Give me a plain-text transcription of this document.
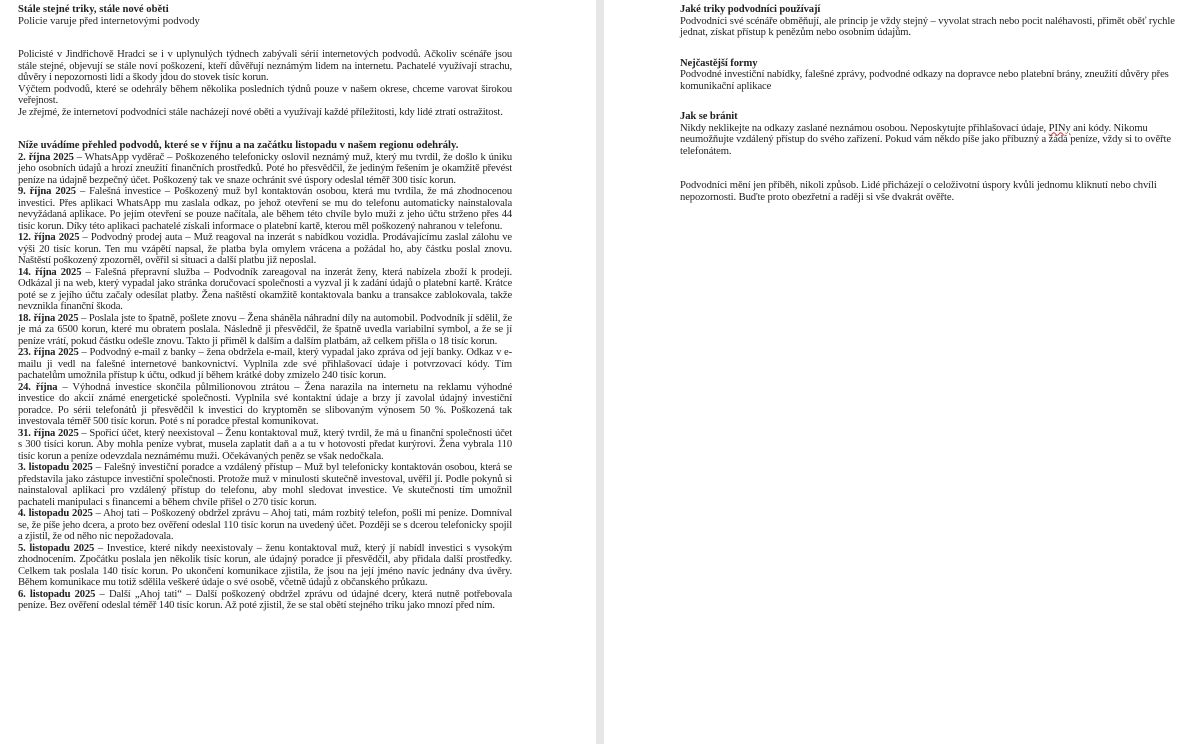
Stále stejné triky, stále nové oběti

Policie varuje před internetovými podvody

Policisté v Jindřichově Hradci se i v uplynulých týdnech zabývali sérií internetových podvodů. Ačkoliv scénáře jsou stále stejné, objevují se stále noví poškození, kteří důvěřují neznámým lidem na internetu. Pachatelé využívají strachu, důvěry i nepozornosti lidí a škody jdou do stovek tisíc korun.

Výčtem podvodů, které se odehrály během několika posledních týdnů pouze v našem okrese, chceme varovat širokou veřejnost.

Je zřejmé, že internetoví podvodníci stále nacházejí nové oběti a využívají každé příležitosti, kdy lidé ztratí ostražitost.

Níže uvádíme přehled podvodů, které se v říjnu a na začátku listopadu v našem regionu odehrály.

2. října 2025 – WhatsApp vyděrač – Poškozeného telefonicky oslovil neznámý muž, který mu tvrdil, že došlo k úniku jeho osobních údajů a hrozí zneužití finančních prostředků. Poté ho přesvědčil, že jediným řešením je okamžitě převést peníze na údajně bezpečný účet. Poškozený tak ve snaze ochránit své úspory odeslal téměř 300 tisíc korun.

9. října 2025 – Falešná investice – Poškozený muž byl kontaktován osobou, která mu tvrdila, že má zhodnocenou investici. Přes aplikaci WhatsApp mu zaslala odkaz, po jehož otevření se mu do telefonu automaticky nainstalovala nevyžádaná aplikace. Po jejím otevření se pouze načítala, ale během této chvíle bylo muži z jeho účtu strženo přes 44 tisíc korun. Díky této aplikaci pachatelé získali informace o platební kartě, kterou měl poškozený nahranou v telefonu.

12. října 2025 – Podvodný prodej auta – Muž reagoval na inzerát s nabídkou vozidla. Prodávajícímu zaslal zálohu ve výši 20 tisíc korun. Ten mu vzápětí napsal, že platba byla omylem vrácena a požádal ho, aby částku poslal znovu. Naštěstí poškozený zpozorněl, ověřil si situaci a další platbu již neposlal.

14. října 2025 – Falešná přepravní služba – Podvodník zareagoval na inzerát ženy, která nabízela zboží k prodeji. Odkázal ji na web, který vypadal jako stránka doručovací společnosti a vyzval ji k zadání údajů o platební kartě. Krátce poté se z jejího účtu začaly odesílat platby. Žena naštěstí okamžitě kontaktovala banku a transakce zablokovala, takže nevznikla finanční škoda.

18. října 2025 – Poslala jste to špatně, pošlete znovu – Žena sháněla náhradní díly na automobil. Podvodník jí sdělil, že je má za 6500 korun, které mu obratem poslala. Následně ji přesvědčil, že špatně uvedla variabilní symbol, a že se jí peníze vrátí, pokud částku odešle znovu. Takto ji přiměl k dalším a dalším platbám, až celkem přišla o 18 tisíc korun.

23. října 2025 – Podvodný e-mail z banky – žena obdržela e-mail, který vypadal jako zpráva od její banky. Odkaz v e-mailu ji vedl na falešné internetové bankovnictví. Vyplnila zde své přihlašovací údaje i potvrzovací kódy. Tím pachatelům umožnila přístup k účtu, odkud jí během krátké doby zmizelo 240 tisíc korun.

24. října – Výhodná investice skončila půlmilionovou ztrátou – Žena narazila na internetu na reklamu výhodné investice do akcií známé energetické společnosti. Vyplnila své kontaktní údaje a brzy jí zavolal údajný investiční poradce. Po sérii telefonátů ji přesvědčil k investici do kryptoměn se slibovaným výnosem 50 %. Poškozená tak investovala téměř 500 tisíc korun. Poté s ní poradce přestal komunikovat.

31. října 2025 – Spořicí účet, který neexistoval – Ženu kontaktoval muž, který tvrdil, že má u finanční společnosti účet s 300 tisíci korun. Aby mohla peníze vybrat, musela zaplatit daň a a tu v hotovosti předat kurýrovi. Žena vybrala 110 tisíc korun a peníze odevzdala neznámému muži. Očekávaných peněz se však nedočkala.

3. listopadu 2025 – Falešný investiční poradce a vzdálený přístup – Muž byl telefonicky kontaktován osobou, která se představila jako zástupce investiční společnosti. Protože muž v minulosti skutečně investoval, uvěřil jí. Podle pokynů si nainstaloval aplikaci pro vzdálený přístup do telefonu, aby mohl sledovat investice. Ve skutečnosti tím umožnil pachateli manipulaci s financemi a během chvíle přišel o 270 tisíc korun.

4. listopadu 2025 – Ahoj tati – Poškozený obdržel zprávu – Ahoj tati, mám rozbitý telefon, pošli mi peníze. Domníval se, že píše jeho dcera, a proto bez ověření odeslal 110 tisíc korun na uvedený účet. Později se s dcerou telefonicky spojil a zjistil, že od něho nic nepožadovala.

5. listopadu 2025 – Investice, které nikdy neexistovaly – ženu kontaktoval muž, který jí nabídl investici s vysokým zhodnocením. Zpočátku poslala jen několik tisíc korun, ale údajný poradce ji přesvědčil, aby přidala další prostředky. Celkem tak poslala 140 tisíc korun. Po ukončení komunikace zjistila, že jsou na její jméno navíc jednány dva úvěry. Během komunikace mu totiž sdělila veškeré údaje o své osobě, včetně údajů z občanského průkazu.

6. listopadu 2025 – Další „Ahoj tati“ – Další poškozený obdržel zprávu od údajné dcery, která nutně potřebovala peníze. Bez ověření odeslal téměř 140 tisíc korun. Až poté zjistil, že se stal obětí stejného triku jako mnozí před ním.

Jaké triky podvodníci používají

Podvodníci své scénáře obměňují, ale princip je vždy stejný – vyvolat strach nebo pocit naléhavosti, přimět oběť rychle jednat, získat přístup k penězům nebo osobním údajům.

Nejčastější formy

Podvodné investiční nabídky, falešné zprávy, podvodné odkazy na dopravce nebo platební brány, zneužití důvěry přes komunikační aplikace

Jak se bránit

Nikdy neklikejte na odkazy zaslané neznámou osobou. Neposkytujte přihlašovací údaje, PINy ani kódy. Nikomu neumožňujte vzdálený přístup do svého zařízení. Pokud vám někdo píše jako příbuzný a žádá peníze, vždy si to ověřte telefonátem.

Podvodníci mění jen příběh, nikoli způsob. Lidé přicházejí o celoživotní úspory kvůli jednomu kliknutí nebo chvíli nepozornosti. Buďte proto obezřetní a raději si vše dvakrát ověřte.
